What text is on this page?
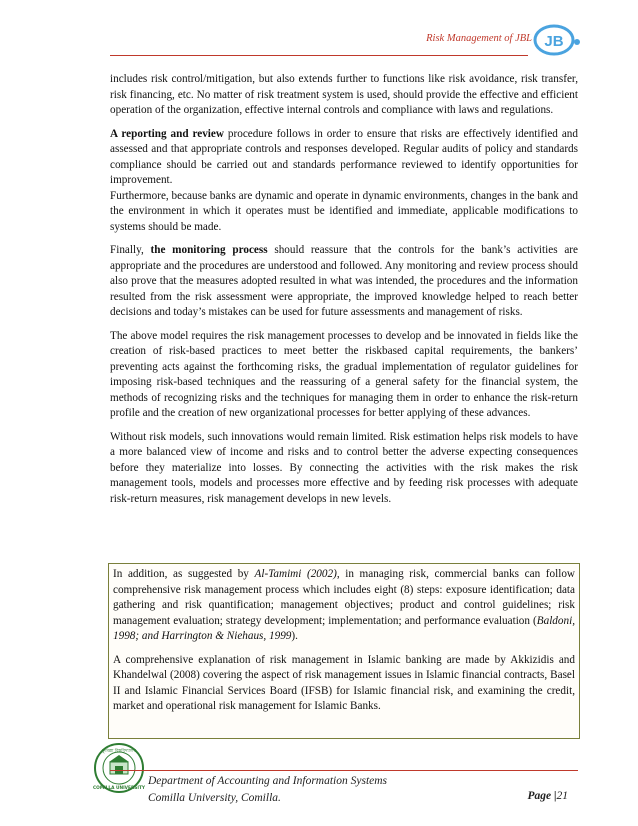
Risk Management of JBL JB

includes risk control/mitigation, but also extends further to functions like risk avoidance, risk transfer, risk financing, etc. No matter of risk treatment system is used, should provide the effective and efficient operation of the organization, effective internal controls and compliance with laws and regulations.

A reporting and review procedure follows in order to ensure that risks are effectively identified and assessed and that appropriate controls and responses developed. Regular audits of policy and standards compliance should be carried out and standards performance reviewed to identify opportunities for improvement.

Furthermore, because banks are dynamic and operate in dynamic environments, changes in the bank and the environment in which it operates must be identified and immediate, applicable modifications to systems should be made.

Finally, the monitoring process should reassure that the controls for the bank’s activities are appropriate and the procedures are understood and followed. Any monitoring and review process should also prove that the measures adopted resulted in what was intended, the procedures and the information resulted from the risk assessment were appropriate, the improved knowledge helped to reach better decisions and today’s mistakes can be used for future assessments and management of risks.

The above model requires the risk management processes to develop and be innovated in fields like the creation of risk-based practices to meet better the riskbased capital requirements, the bankers’ preventing acts against the forthcoming risks, the gradual implementation of regulator guidelines for imposing risk-based techniques and the reassuring of a general safety for the financial system, the methods of recognizing risks and the techniques for managing them in order to enhance the risk-return profile and the creation of new organizational processes for better applying of these advances.

Without risk models, such innovations would remain limited. Risk estimation helps risk models to have a more balanced view of income and risks and to control better the adverse expecting consequences before they materialize into losses. By connecting the activities with the risk makes the risk management tools, models and processes more effective and by feeding risk processes with adequate risk-return measures, risk management develops in new levels.

In addition, as suggested by Al-Tamimi (2002), in managing risk, commercial banks can follow comprehensive risk management process which includes eight (8) steps: exposure identification; data gathering and risk quantification; management objectives; product and control guidelines; risk management evaluation; strategy development; implementation; and performance evaluation (Baldoni, 1998; and Harrington & Niehaus, 1999).

A comprehensive explanation of risk management in Islamic banking are made by Akkizidis and Khandelwal (2008) covering the aspect of risk management issues in Islamic financial contracts, Basel II and Islamic Financial Services Board (IFSB) for Islamic financial risk, and examining the credit, market and operational risk management for Islamic Banks.

কুমিল্লা বিশ্ববিদ্যালয়
COMILLA UNIVERSITY
Department of Accounting and Information Systems
Comilla University, Comilla.	Page |21
